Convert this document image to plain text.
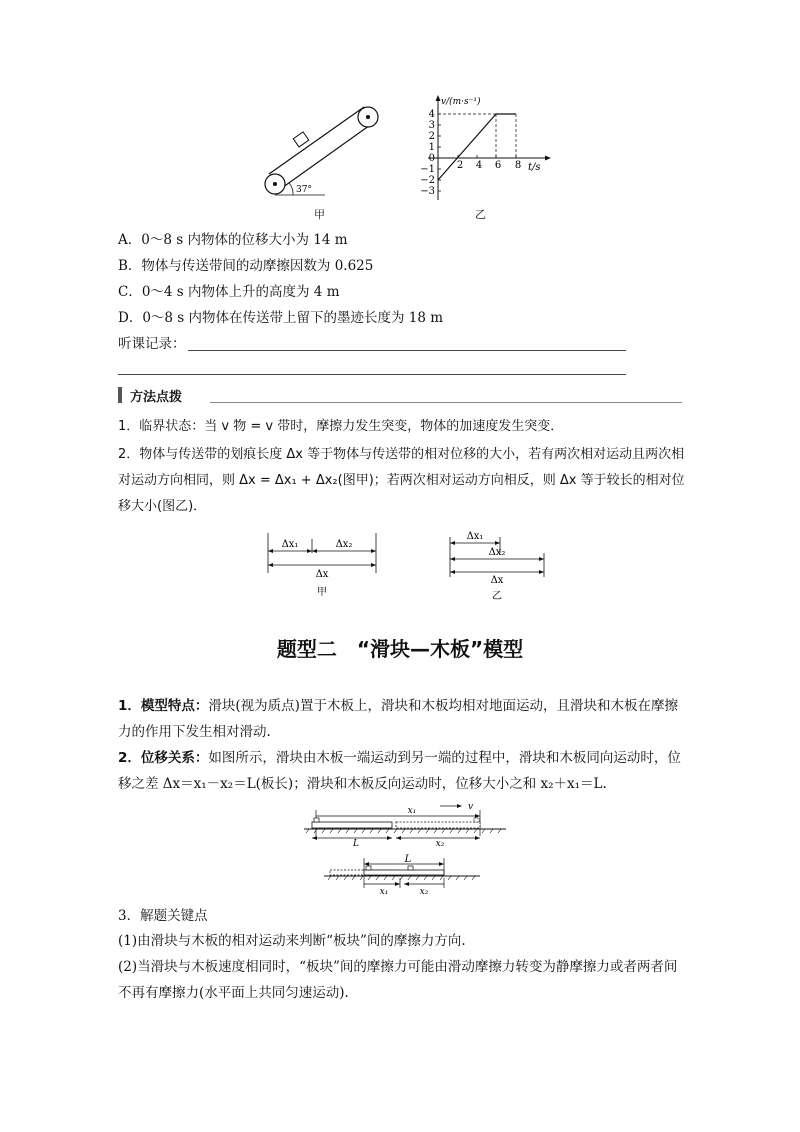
37°
甲
4
3
2
1
0
−1
−2
−3
2 4 6 8
v/(m·s⁻¹)
t/s
乙
A．0～8 s 内物体的位移大小为 14 m
B．物体与传送带间的动摩擦因数为 0.625
C．0～4 s 内物体上升的高度为 4 m
D．0～8 s 内物体在传送带上留下的墨迹长度为 18 m
听课记录：
方法点拨
1．临界状态：当 v 物 = v 带时，摩擦力发生突变，物体的加速度发生突变．
2．物体与传送带的划痕长度 Δx 等于物体与传送带的相对位移的大小，若有两次相对运动且两次相对运动方向相同，则 Δx = Δx₁ + Δx₂(图甲)；若两次相对运动方向相反，则 Δx 等于较长的相对位移大小(图乙)．
Δx₁	Δx₂
Δx
甲
Δx₁
Δx₂
Δx
乙
题型二　“滑块—木板”模型
1．模型特点：滑块(视为质点)置于木板上，滑块和木板均相对地面运动，且滑块和木板在摩擦力的作用下发生相对滑动.
2．位移关系：如图所示，滑块由木板一端运动到另一端的过程中，滑块和木板同向运动时，位移之差 Δx＝x₁－x₂＝L(板长)；滑块和木板反向运动时，位移大小之和 x₂＋x₁＝L.
x₁	v
L	x₂
L
x₁	x₂
3．解题关键点
(1)由滑块与木板的相对运动来判断“板块”间的摩擦力方向.
(2)当滑块与木板速度相同时，“板块”间的摩擦力可能由滑动摩擦力转变为静摩擦力或者两者间不再有摩擦力(水平面上共同匀速运动).
